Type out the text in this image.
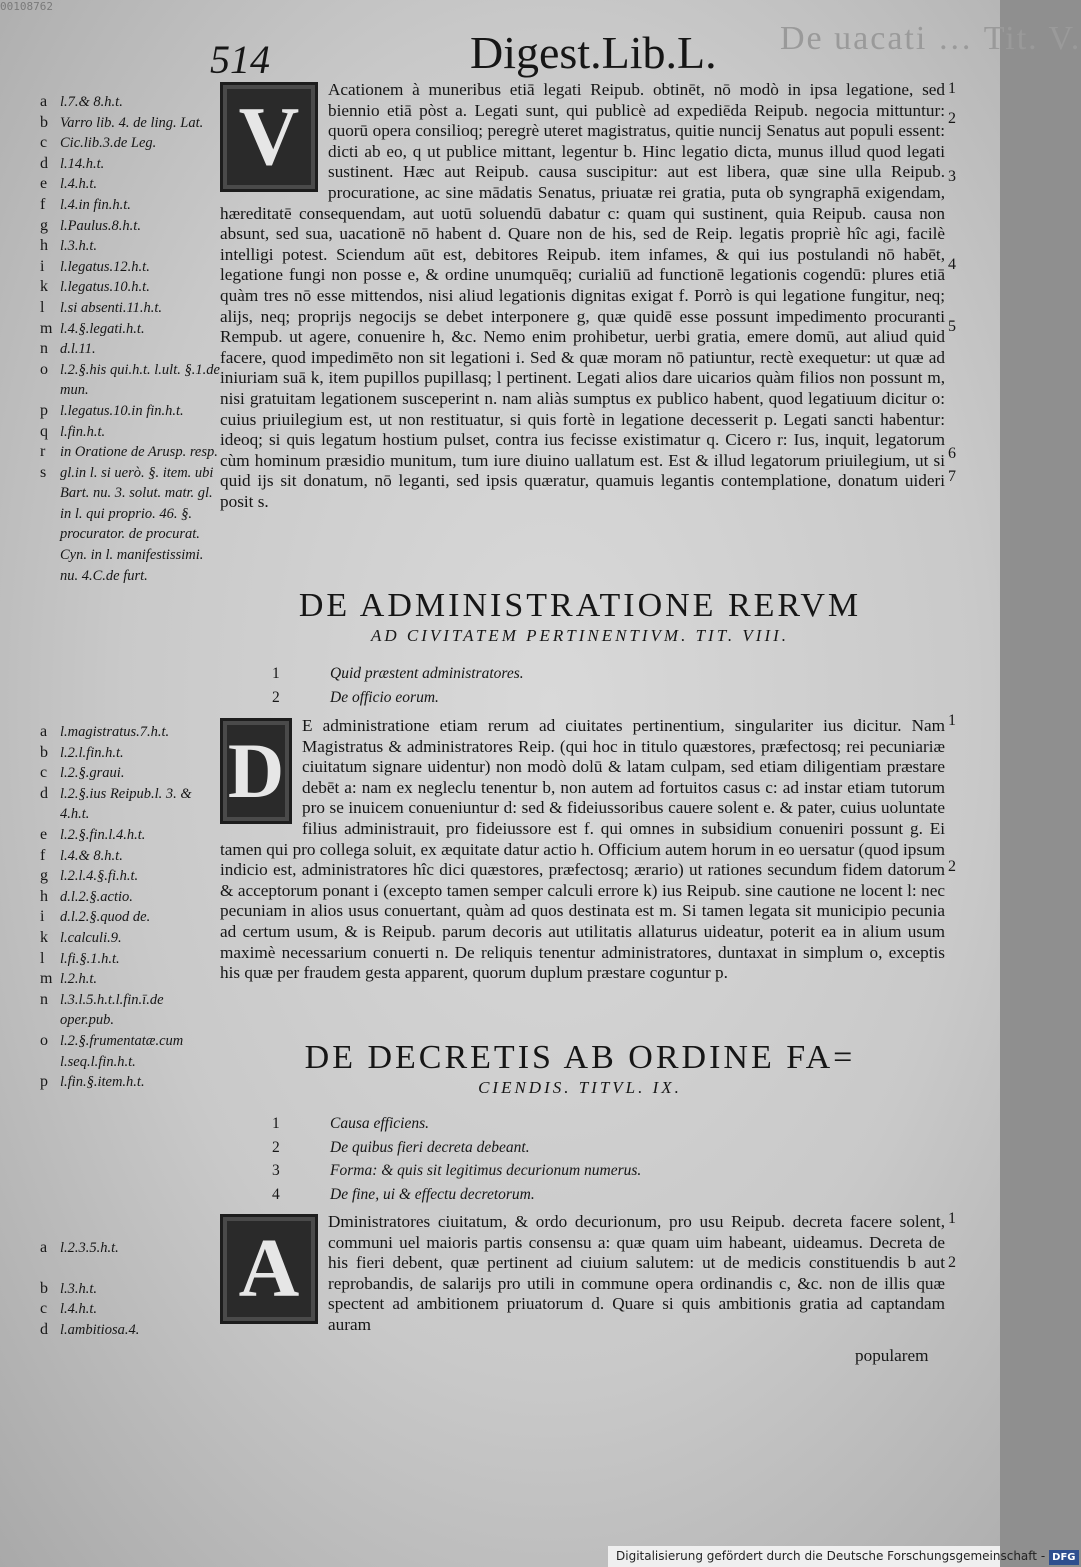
00108762
De uacati … Tit. V.
514	Digest.Lib.L.
a l.7.& 8.h.t.
b Varro lib. 4. de ling. Lat.
c Cic.lib.3.de Leg.
d l.14.h.t.
e l.4.h.t.
f	l.4.in fin.h.t.
g l.Paulus.8.h.t.
h l.3.h.t.
i	l.legatus.12.h.t.
k l.legatus.10.h.t.
l	l.si absenti.11.h.t.
m l.4.§.legati.h.t.
n d.l.11.
o l.2.§.his qui.h.t. l.ult. §.1.de mun.
p l.legatus.10.in fin.h.t.
q l.fin.h.t.
r	in Oratione de Arusp. resp.
s gl.in l. si uerò. §. item. ubi Bart. nu. 3. solut. matr. gl. in l. qui proprio. 46. §. procurator. de procurat. Cyn. in l. manifestissimi. nu. 4.C.de furt.

V
Acationem à muneribus etiā legati Reipub. obtinēt, nō modò in ipsa legatione, sed biennio etiā pòst a. Legati sunt, qui publicè ad expediēda Reipub. negocia mittuntur: quorū opera consilioq; peregrè uteret magistratus, quitie nuncij Senatus aut populi essent: dicti ab eo, q ut publice mittant, legentur b. Hinc legatio dicta, munus illud quod legati sustinent. Hæc aut Reipub. causa suscipitur: aut est libera, quæ sine ulla Reipub. procuratione, ac sine mādatis Senatus, priuatæ rei gratia, puta ob syngraphā exigendam, hæreditatē consequendam, aut uotū soluendū dabatur c: quam qui sustinent, quia Reipub. causa non absunt, sed sua, uacationē nō habent d. Quare non de his, sed de Reip. legatis propriè hîc agi, facilè intelligi potest. Sciendum aūt est, debitores Reipub. item infames, & qui ius postulandi nō habēt, legatione fungi non posse e, & ordine unumquēq; curialiū ad functionē legationis cogendū: plures etiā quàm tres nō esse mittendos, nisi aliud legationis dignitas exigat f. Porrò is qui legatione fungitur, neq; alijs, neq; proprijs negocijs se debet interponere g, quæ quidē esse possunt impedimento procuranti Rempub. ut agere, conuenire h, &c. Nemo enim prohibetur, uerbi gratia, emere domū, aut aliud quid facere, quod impedimēto non sit legationi i. Sed & quæ moram nō patiuntur, rectè exequetur: ut quæ ad iniuriam suā k, item pupillos pupillasq; l pertinent. Legati alios dare uicarios quàm filios non possunt m, nisi gratuitam legationem susceperint n. nam aliàs sumptus ex publico habent, quod legatiuum dicitur o: cuius priuilegium est, ut non restituatur, si quis fortè in legatione decesserit p. Legati sancti habentur: ideoq; si quis legatum hostium pulset, contra ius fecisse existimatur q. Cicero r: Ius, inquit, legatorum cùm hominum præsidio munitum, tum iure diuino uallatum est. Est & illud legatorum priuilegium, ut si quid ijs sit donatum, nō leganti, sed ipsis quæratur, quamuis legantis contemplatione, donatum uideri posit s.

1
2
3
4
5
6
7
DE ADMINISTRATIONE RERVM
AD CIVITATEM PERTINENTIVM. TIT. VIII.
1	Quid præstent administratores.
2	De officio eorum.
a l.magistratus.7.h.t.
b l.2.l.fin.h.t.
c l.2.§.graui.
d l.2.§.ius Reipub.l. 3. & 4.h.t.
e l.2.§.fin.l.4.h.t.
f	l.4.& 8.h.t.
g l.2.l.4.§.fi.h.t.
h d.l.2.§.actio.
i	d.l.2.§.quod de.
k l.calculi.9.
l	l.fi.§.1.h.t.
m l.2.h.t.
n l.3.l.5.h.t.l.fin.ī.de oper.pub.
o l.2.§.frumentatæ.cum l.seq.l.fin.h.t.
p l.fin.§.item.h.t.

D
E administratione etiam rerum ad ciuitates pertinentium, singulariter ius dicitur. Nam Magistratus & administratores Reip. (qui hoc in titulo quæstores, præfectosq; rei pecuniariæ ciuitatum signare uidentur) non modò dolū & latam culpam, sed etiam diligentiam præstare debēt a: nam ex negleclu tenentur b, non autem ad fortuitos casus c: ad instar etiam tutorum pro se inuicem conueniuntur d: sed & fideiussoribus cauere solent e. & pater, cuius uoluntate filius administrauit, pro fideiussore est f. qui omnes in subsidium conueniri possunt g. Ei tamen qui pro collega soluit, ex æquitate datur actio h. Officium autem horum in eo uersatur (quod ipsum indicio est, administratores hîc dici quæstores, præfectosq; ærario) ut rationes secundum fidem datorum & acceptorum ponant i (excepto tamen semper calculi errore k) ius Reipub. sine cautione ne locent l: nec pecuniam in alios usus conuertant, quàm ad quos destinata est m. Si tamen legata sit municipio pecunia ad certum usum, & is Reipub. parum decoris aut utilitatis allaturus uideatur, poterit ea in alium usum maximè necessarium conuerti n. De reliquis tenentur administratores, duntaxat in simplum o, exceptis his quæ per fraudem gesta apparent, quorum duplum præstare coguntur p.

1
2
DE DECRETIS AB ORDINE FA=
CIENDIS. TITVL. IX.
1	Causa efficiens.
2	De quibus fieri decreta debeant.
3	Forma: & quis sit legitimus decurionum numerus.
4	De fine, ui & effectu decretorum.
a l.2.3.5.h.t.
b l.3.h.t.
c l.4.h.t.
d l.ambitiosa.4.

A
Dministratores ciuitatum, & ordo decurionum, pro usu Reipub. decreta facere solent, communi uel maioris partis consensu a: quæ quam uim habeant, uideamus. Decreta de his fieri debent, quæ pertinent ad ciuium salutem: ut de medicis constituendis b aut reprobandis, de salarijs pro utili in commune opera ordinandis c, &c. non de illis quæ spectent ad ambitionem priuatorum d. Quare si quis ambitionis gratia ad captandam auram

1
2
popularem
Digitalisierung gefördert durch die Deutsche Forschungsgemeinschaft - DFG
